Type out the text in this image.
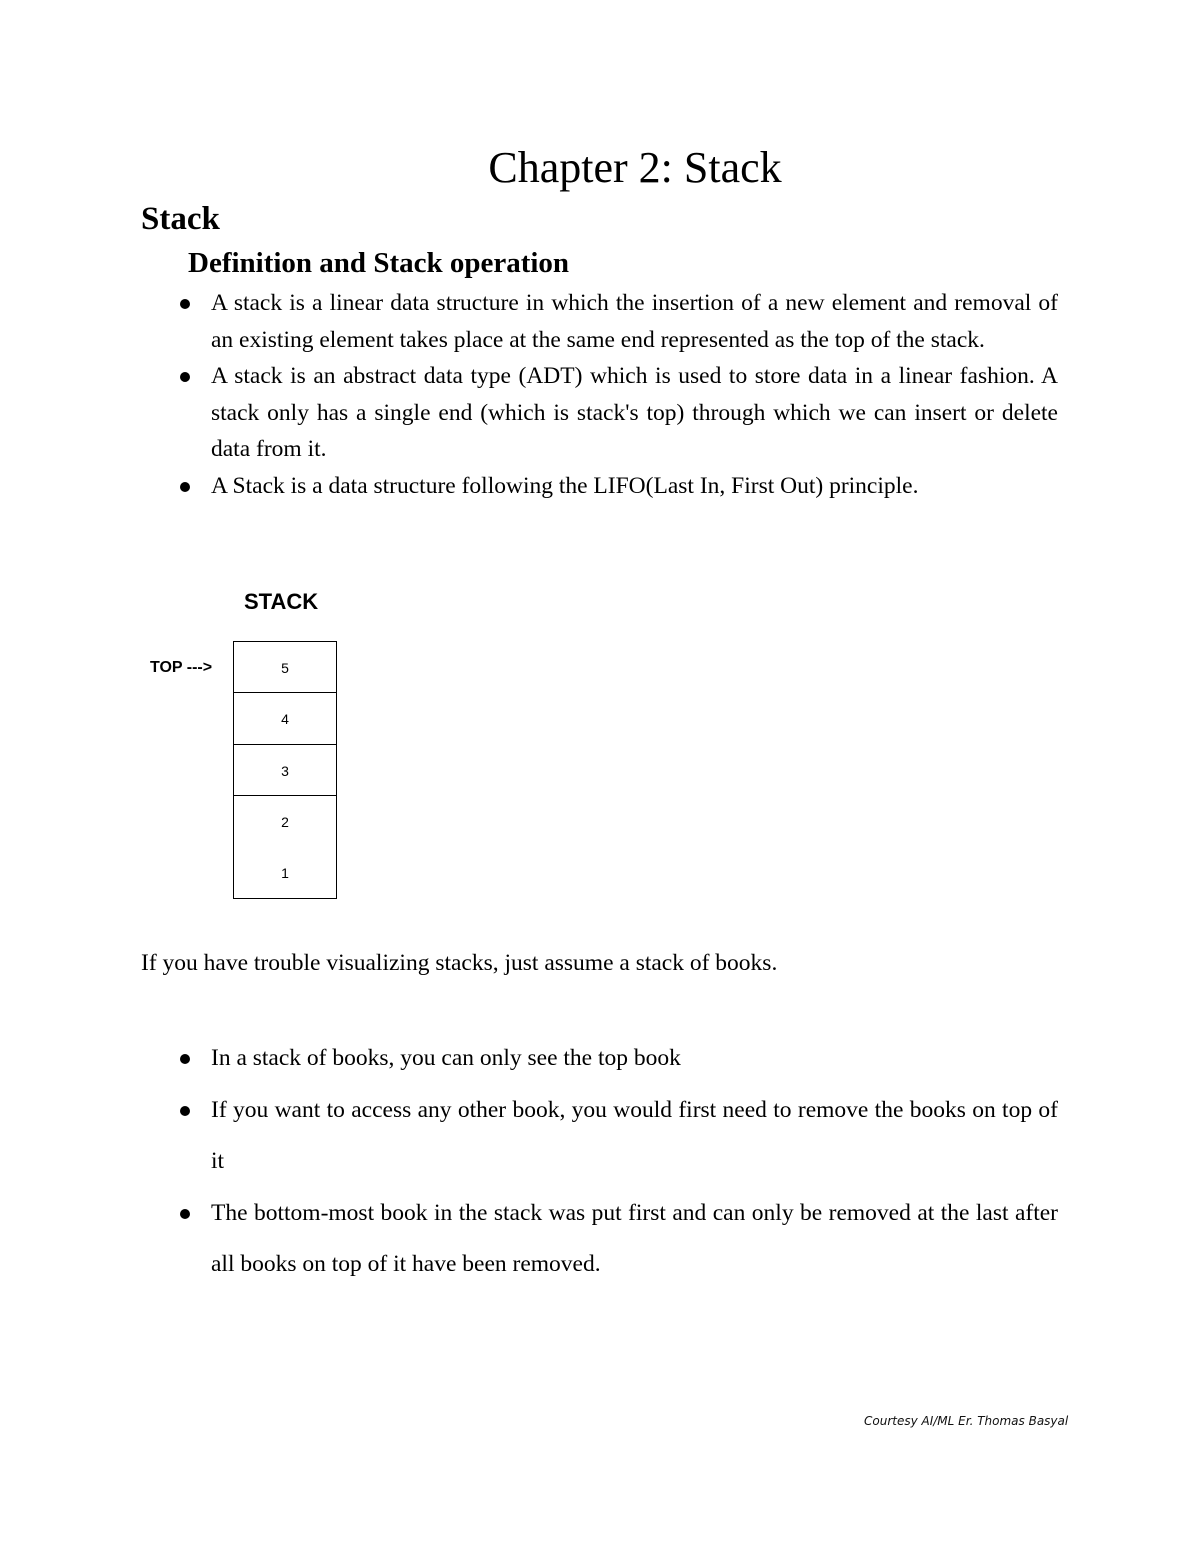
Chapter 2: Stack
Stack
Definition and Stack operation
A stack is a linear data structure in which the insertion of a new element and removal of an existing element takes place at the same end represented as the top of the stack.
A stack is an abstract data type (ADT) which is used to store data in a linear fashion. A stack only has a single end (which is stack's top) through which we can insert or delete data from it.
A Stack is a data structure following the LIFO(Last In, First Out) principle.
STACK
TOP --->	5
4
3
2
1

If you have trouble visualizing stacks, just assume a stack of books.

In a stack of books, you can only see the top book
If you want to access any other book, you would first need to remove the books on top of it
The bottom-most book in the stack was put first and can only be removed at the last after all books on top of it have been removed.
Courtesy AI/ML Er. Thomas Basyal
